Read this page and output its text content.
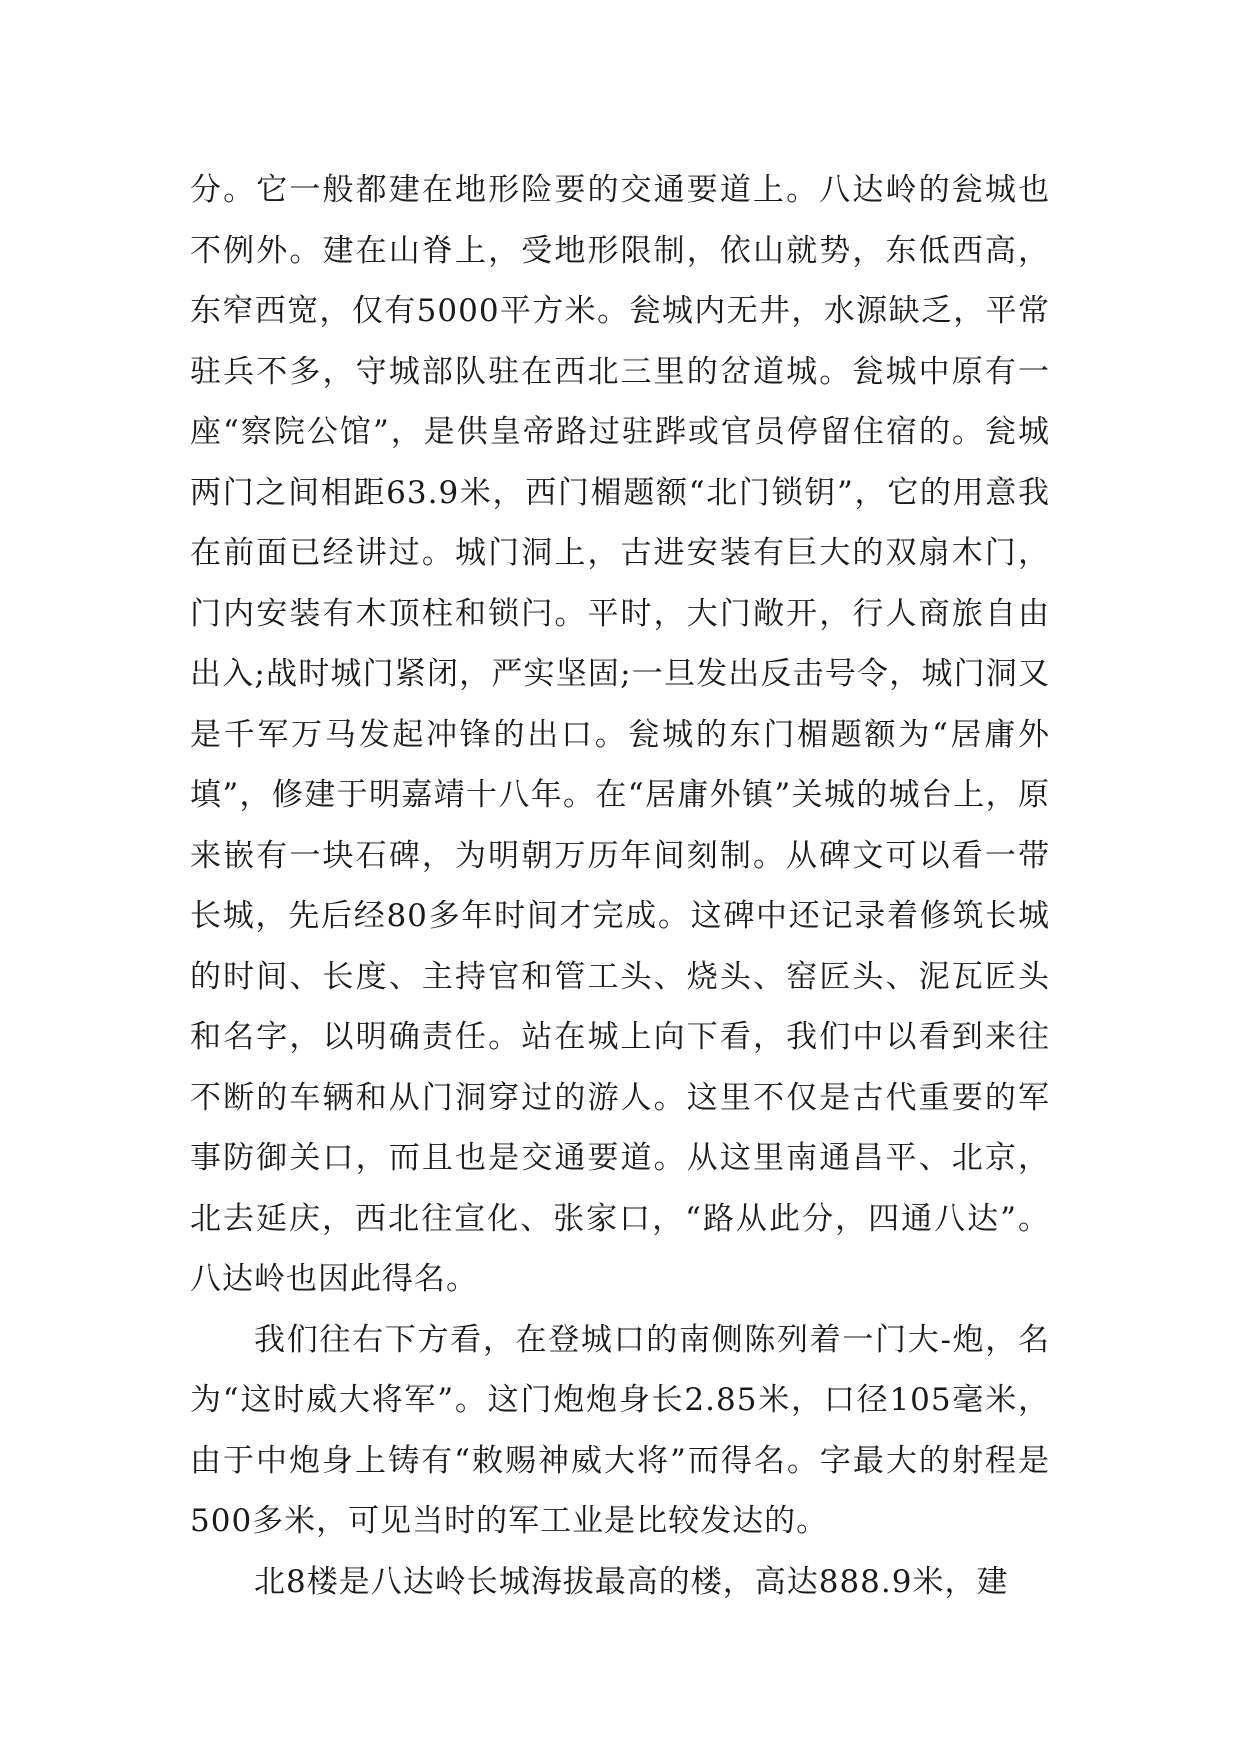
分。它一般都建在地形险要的交通要道上。八达岭的瓮城也不例外。建在山脊上，受地形限制，依山就势，东低西高，东窄西宽，仅有5000平方米。瓮城内无井，水源缺乏，平常驻兵不多，守城部队驻在西北三里的岔道城。瓮城中原有一座“察院公馆”，是供皇帝路过驻跸或官员停留住宿的。瓮城两门之间相距63.9米，西门楣题额“北门锁钥”，它的用意我在前面已经讲过。城门洞上，古进安装有巨大的双扇木门，门内安装有木顶柱和锁闩。平时，大门敞开，行人商旅自由出入;战时城门紧闭，严实坚固;一旦发出反击号令，城门洞又是千军万马发起冲锋的出口。瓮城的东门楣题额为“居庸外填”，修建于明嘉靖十八年。在“居庸外镇”关城的城台上，原来嵌有一块石碑，为明朝万历年间刻制。从碑文可以看一带长城，先后经80多年时间才完成。这碑中还记录着修筑长城的时间、长度、主持官和管工头、烧头、窑匠头、泥瓦匠头和名字，以明确责任。站在城上向下看，我们中以看到来往不断的车辆和从门洞穿过的游人。这里不仅是古代重要的军事防御关口，而且也是交通要道。从这里南通昌平、北京，北去延庆，西北往宣化、张家口，“路从此分，四通八达”。八达岭也因此得名。

我们往右下方看，在登城口的南侧陈列着一门大-炮，名为“这时威大将军”。这门炮炮身长2.85米，口径105毫米，由于中炮身上铸有“敕赐神威大将”而得名。字最大的射程是500多米，可见当时的军工业是比较发达的。

北8楼是八达岭长城海拔最高的楼，高达888.9米，建
